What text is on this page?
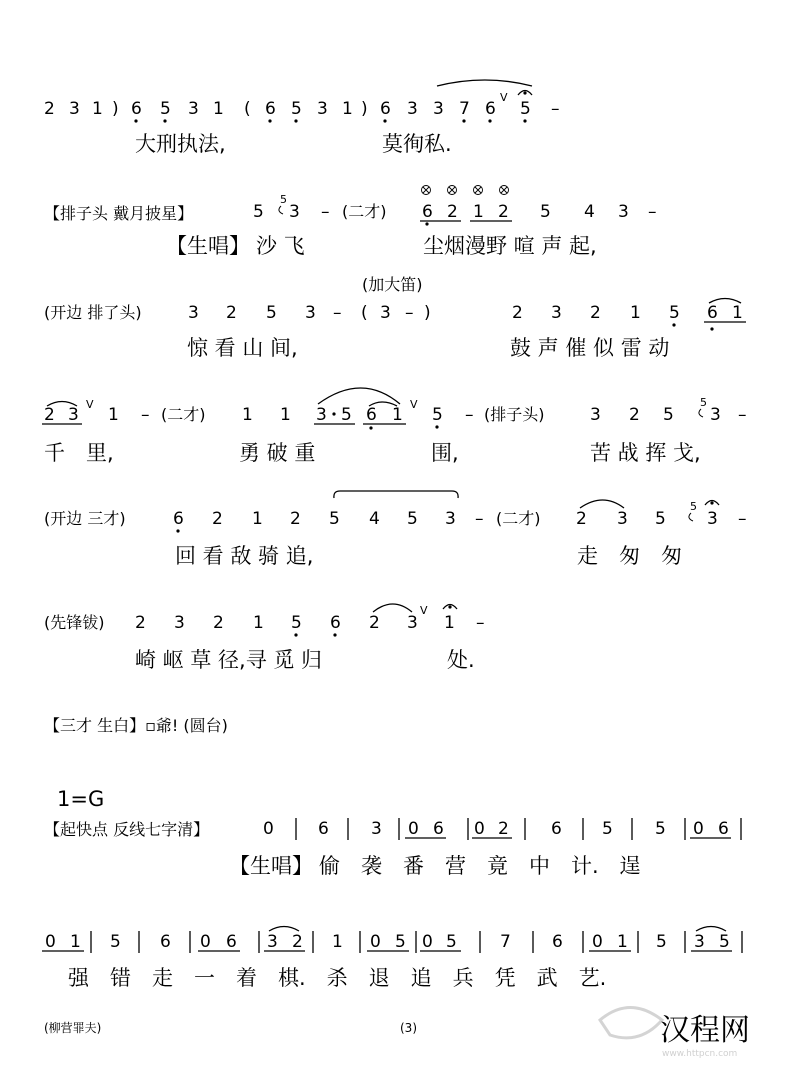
2 3 1 ) 6 5 3 1 ( 6 5 3 1 ) 6 3 3 7 6
V
5 –
大刑执法,	莫徇私.
【排子头 戴月披星】	5
5
3 – (二才) 6 2 1 2 5 4 3 –
【生唱】 沙 飞	尘烟漫野 喧 声 起,
(加大笛)
(开边 排了头)	3 2 5 3 – ( 3 – )	2 3 2 1 5 6 1
惊 看 山 间,	鼓 声 催 似 雷 动
2 3
V
1 – (二才) 1 1 3 5 6 1
V
5 – (排子头)	3 2 5
5
3 –
千　里,	勇 破 重	围,	苦 战 挥 戈,
(开边 三才)	6 2 1 2 5 4 5 3 – (二才) 2 3 5
5
3 –
回 看 敌 骑 追,	走　匆　匆
(先锋钹) 2 3 2 1 5 6 2 3
V
1 –
崎 岖 草 径,寻 觅 归	处.
【三才 生白】▫爺! (圆台)
1=G
【起快点 反线七字清】	0	6 3 0 6 0 2 6 5 5 0 6
【生唱】 偷　袭　番　营　竟　中　计.　逞
0 1 5 6 0 6 3 2 1 0 5 0 5	7 6 0 1 5 3 5
强　错　走　一　着　棋.　杀　退　追　兵　凭　武　艺.
(柳营罪夫)	(3)	汉程网
www.httpcn.com
